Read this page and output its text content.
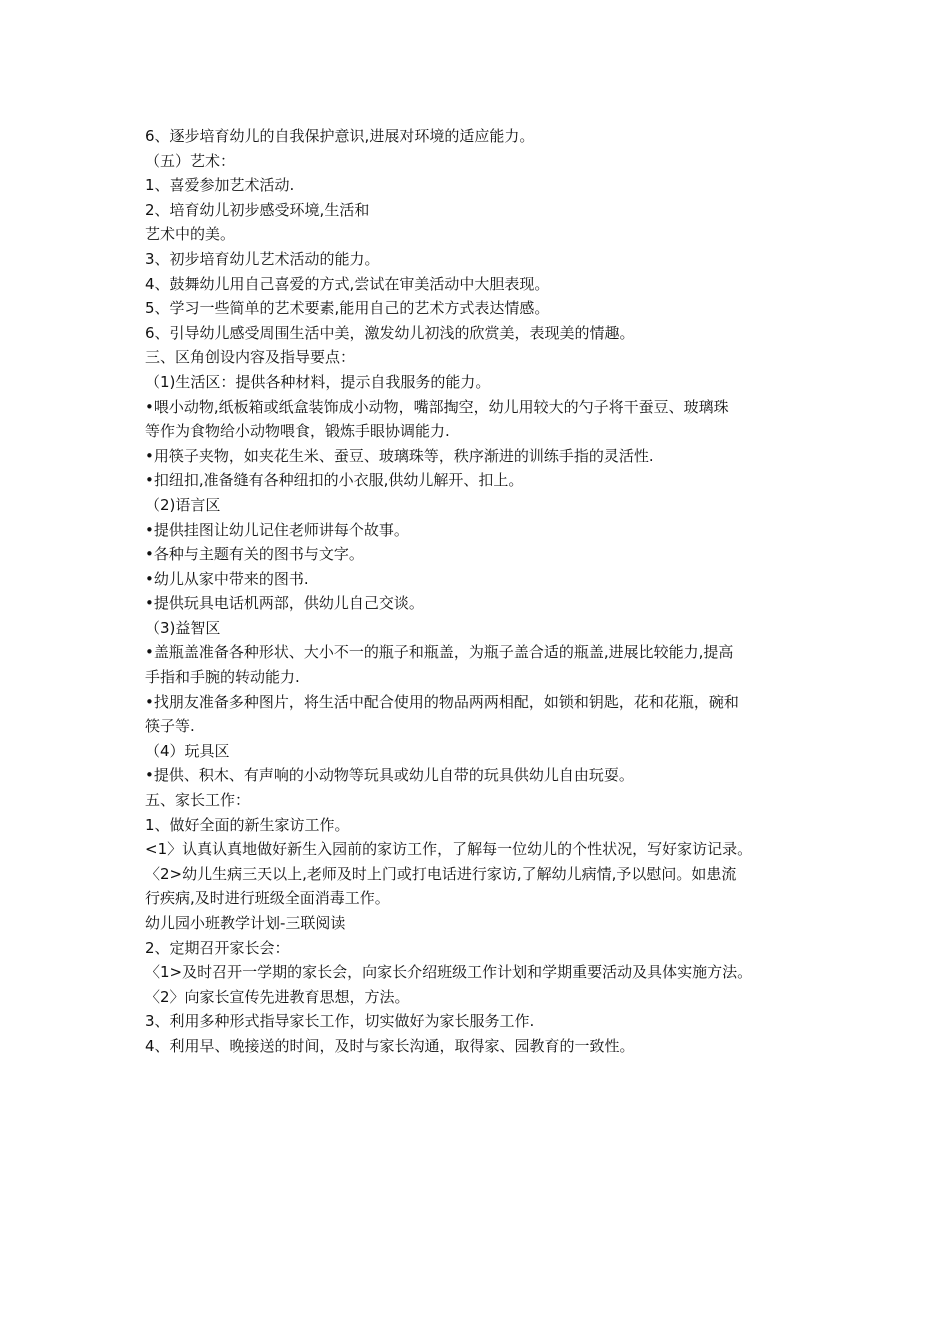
6、逐步培育幼儿的自我保护意识,进展对环境的适应能力。
（五）艺术：
1、喜爱参加艺术活动.
2、培育幼儿初步感受环境,生活和
艺术中的美。
3、初步培育幼儿艺术活动的能力。
4、鼓舞幼儿用自己喜爱的方式,尝试在审美活动中大胆表现。
5、学习一些简单的艺术要素,能用自己的艺术方式表达情感。
6、引导幼儿感受周围生活中美，激发幼儿初浅的欣赏美，表现美的情趣。
三、区角创设内容及指导要点：
（1)生活区：提供各种材料，提示自我服务的能力。
•喂小动物,纸板箱或纸盒装饰成小动物，嘴部掏空，幼儿用较大的勺子将干蚕豆、玻璃珠
等作为食物给小动物喂食，锻炼手眼协调能力.
•用筷子夹物，如夹花生米、蚕豆、玻璃珠等，秩序渐进的训练手指的灵活性.
•扣纽扣,准备缝有各种纽扣的小衣服,供幼儿解开、扣上。
（2)语言区
•提供挂图让幼儿记住老师讲每个故事。
•各种与主题有关的图书与文字。
•幼儿从家中带来的图书.
•提供玩具电话机两部，供幼儿自己交谈。
（3)益智区
•盖瓶盖准备各种形状、大小不一的瓶子和瓶盖，为瓶子盖合适的瓶盖,进展比较能力,提高
手指和手腕的转动能力.
•找朋友准备多种图片，将生活中配合使用的物品两两相配，如锁和钥匙，花和花瓶，碗和
筷子等.
（4）玩具区
•提供、积木、有声响的小动物等玩具或幼儿自带的玩具供幼儿自由玩耍。
五、家长工作：
1、做好全面的新生家访工作。
<1〉认真认真地做好新生入园前的家访工作，了解每一位幼儿的个性状况，写好家访记录。
〈2>幼儿生病三天以上,老师及时上门或打电话进行家访,了解幼儿病情,予以慰问。如患流
行疾病,及时进行班级全面消毒工作。
幼儿园小班教学计划-三联阅读
2、定期召开家长会：
〈1>及时召开一学期的家长会，向家长介绍班级工作计划和学期重要活动及具体实施方法。
〈2〉向家长宣传先进教育思想，方法。
3、利用多种形式指导家长工作，切实做好为家长服务工作.
4、利用早、晚接送的时间，及时与家长沟通，取得家、园教育的一致性。
